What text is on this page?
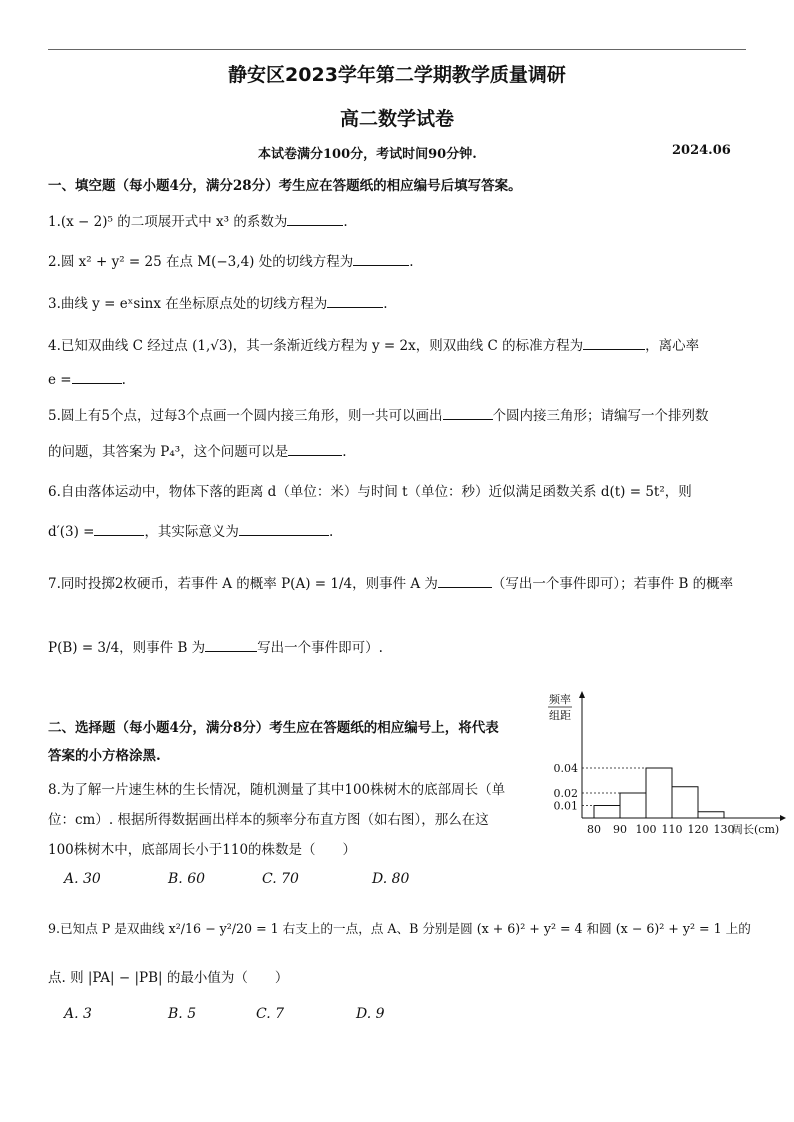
静安区2023学年第二学期教学质量调研
高二数学试卷
本试卷满分100分，考试时间90分钟.	2024.06
一、填空题（每小题4分，满分28分）考生应在答题纸的相应编号后填写答案。
1.(x − 2)⁵ 的二项展开式中 x³ 的系数为	.
2.圆 x² + y² = 25 在点 M(−3,4) 处的切线方程为	.
3.曲线 y = eˣsinx 在坐标原点处的切线方程为	.
4.已知双曲线 C 经过点 (1,√3)，其一条渐近线方程为 y = 2x，则双曲线 C 的标准方程为	，离心率
e =	.
5.圆上有5个点，过每3个点画一个圆内接三角形，则一共可以画出	个圆内接三角形；请编写一个排列数
的问题，其答案为 P₄³，这个问题可以是	.
6.自由落体运动中，物体下落的距离 d（单位：米）与时间 t（单位：秒）近似满足函数关系 d(t) = 5t²，则
d′(3) =	，其实际意义为	.
7.同时投掷2枚硬币，若事件 A 的概率 P(A) = 1/4，则事件 A 为	（写出一个事件即可）；若事件 B 的概率
P(B) = 3/4，则事件 B 为	写出一个事件即可）.
二、选择题（每小题4分，满分8分）考生应在答题纸的相应编号上，将代表
答案的小方格涂黑.
8.为了解一片速生林的生长情况，随机测量了其中100株树木的底部周长（单
位：cm）. 根据所得数据画出样本的频率分布直方图（如右图），那么在这
100株树木中，底部周长小于110的株数是（　　）
A. 30	B. 60	C. 70	D. 80
9.已知点 P 是双曲线 x²/16 − y²/20 = 1 右支上的一点，点 A、B 分别是圆 (x + 6)² + y² = 4 和圆 (x − 6)² + y² = 1 上的
点. 则 |PA| − |PB| 的最小值为（　　）
A. 3	B. 5	C. 7	D. 9
频率
组距
0.01
0.02
0.04
80 90 100 110 120 130
周长(cm)
